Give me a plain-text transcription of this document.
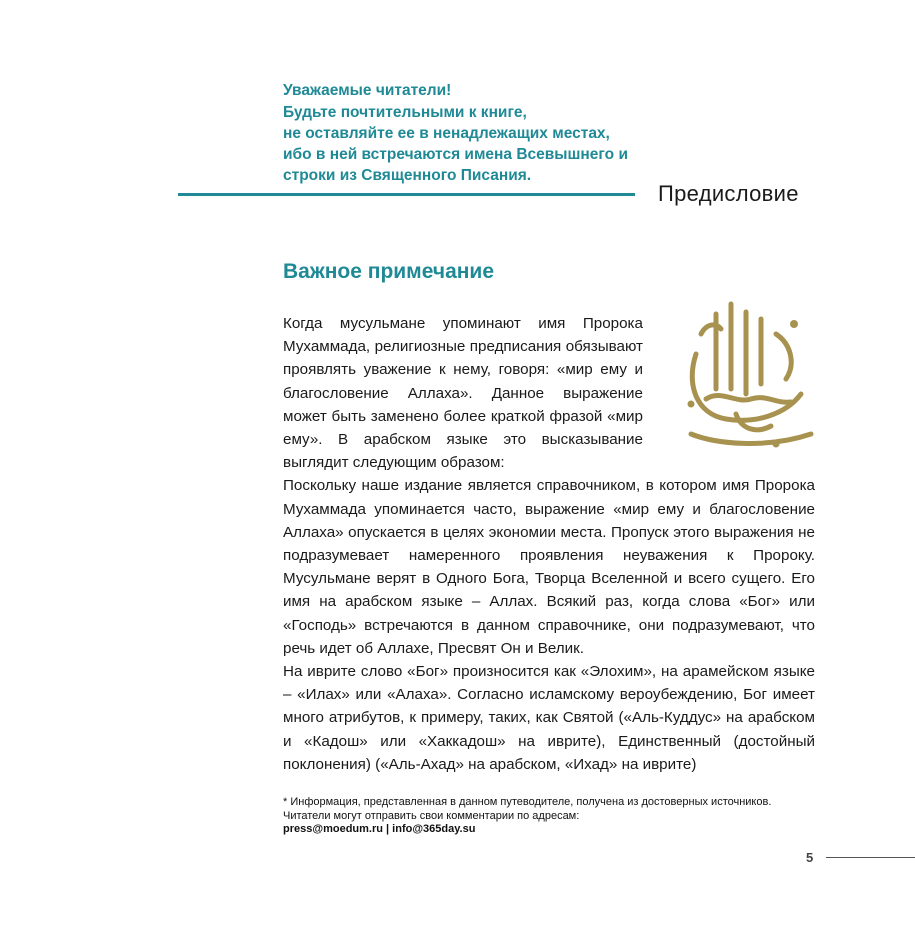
Уважаемые читатели!
Будьте почтительными к книге,
не оставляйте ее в ненадлежащих местах,
ибо в ней встречаются имена Всевышнего и
строки из Священного Писания.
Предисловие
Важное примечание

Когда мусульмане упоминают имя Пророка Мухаммада, религиозные предписания обязывают проявлять уважение к нему, говоря: «мир ему и благословение Аллаха». Данное выражение может быть заменено более краткой фразой «мир ему». В арабском языке это высказывание выглядит следующим образом:

Поскольку наше издание является справочником, в котором имя Пророка Мухаммада упоминается часто, выражение «мир ему и благословение Аллаха» опускается в целях экономии места. Пропуск этого выражения не подразумевает намеренного проявления неуважения к Пророку. Мусульмане верят в Одного Бога, Творца Вселенной и всего сущего. Его имя на арабском языке – Аллах. Всякий раз, когда слова «Бог» или «Господь» встречаются в данном справочнике, они подразумевают, что речь идет об Аллахе, Пресвят Он и Велик.

На иврите слово «Бог» произносится как «Элохим», на арамейском языке – «Илах» или «Алаха». Согласно исламскому вероубеждению, Бог имеет много атрибутов, к примеру, таких, как Святой («Аль-Куддус» на арабском и «Кадош» или «Хаккадош» на иврите), Единственный (достойный поклонения) («Аль-Ахад» на арабском, «Ихад» на иврите)

* Информация, представленная в данном путеводителе, получена из достоверных источников.
Читатели могут отправить свои комментарии по адресам:
press@moedum.ru | info@365day.su
5
